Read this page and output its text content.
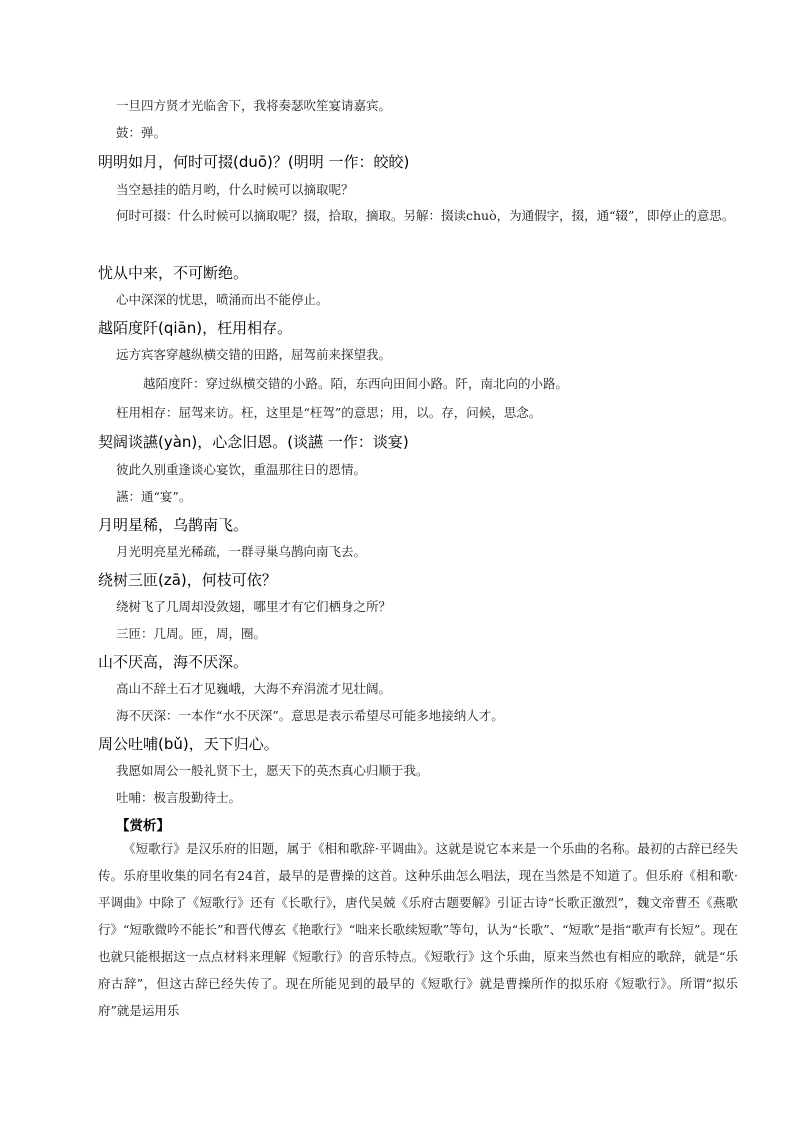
一旦四方贤才光临舍下，我将奏瑟吹笙宴请嘉宾。
鼓：弹。
明明如月，何时可掇(duō)？(明明 一作：皎皎)
当空悬挂的皓月哟，什么时候可以摘取呢？
何时可掇：什么时候可以摘取呢？掇，拾取，摘取。另解：掇读chuò，为通假字，掇，通“辍”，即停止的意思。
忧从中来，不可断绝。
心中深深的忧思，喷涌而出不能停止。
越陌度阡(qiān)，枉用相存。
远方宾客穿越纵横交错的田路，屈驾前来探望我。
越陌度阡：穿过纵横交错的小路。陌，东西向田间小路。阡，南北向的小路。
枉用相存：屈驾来访。枉，这里是“枉驾”的意思；用，以。存，问候，思念。
契阔谈讌(yàn)，心念旧恩。(谈讌 一作：谈宴)
彼此久别重逢谈心宴饮，重温那往日的恩情。
讌：通“宴”。
月明星稀，乌鹊南飞。
月光明亮星光稀疏，一群寻巢乌鹊向南飞去。
绕树三匝(zā)，何枝可依？
绕树飞了几周却没敛翅，哪里才有它们栖身之所？
三匝：几周。匝，周，圈。
山不厌高，海不厌深。
高山不辞土石才见巍峨，大海不弃涓流才见壮阔。
海不厌深：一本作“水不厌深”。意思是表示希望尽可能多地接纳人才。
周公吐哺(bǔ)，天下归心。
我愿如周公一般礼贤下士，愿天下的英杰真心归顺于我。
吐哺：极言殷勤待士。
【赏析】
《短歌行》是汉乐府的旧题，属于《相和歌辞·平调曲》。这就是说它本来是一个乐曲的名称。最初的古辞已经失传。乐府里收集的同名有24首，最早的是曹操的这首。这种乐曲怎么唱法，现在当然是不知道了。但乐府《相和歌·平调曲》中除了《短歌行》还有《长歌行》，唐代吴兢《乐府古题要解》引证古诗“长歌正激烈”，魏文帝曹丕《燕歌行》“短歌微吟不能长”和晋代傅玄《艳歌行》“咄来长歌续短歌”等句，认为“长歌”、“短歌”是指“歌声有长短”。现在也就只能根据这一点点材料来理解《短歌行》的音乐特点。《短歌行》这个乐曲，原来当然也有相应的歌辞，就是“乐府古辞”，但这古辞已经失传了。现在所能见到的最早的《短歌行》就是曹操所作的拟乐府《短歌行》。所谓“拟乐府”就是运用乐
